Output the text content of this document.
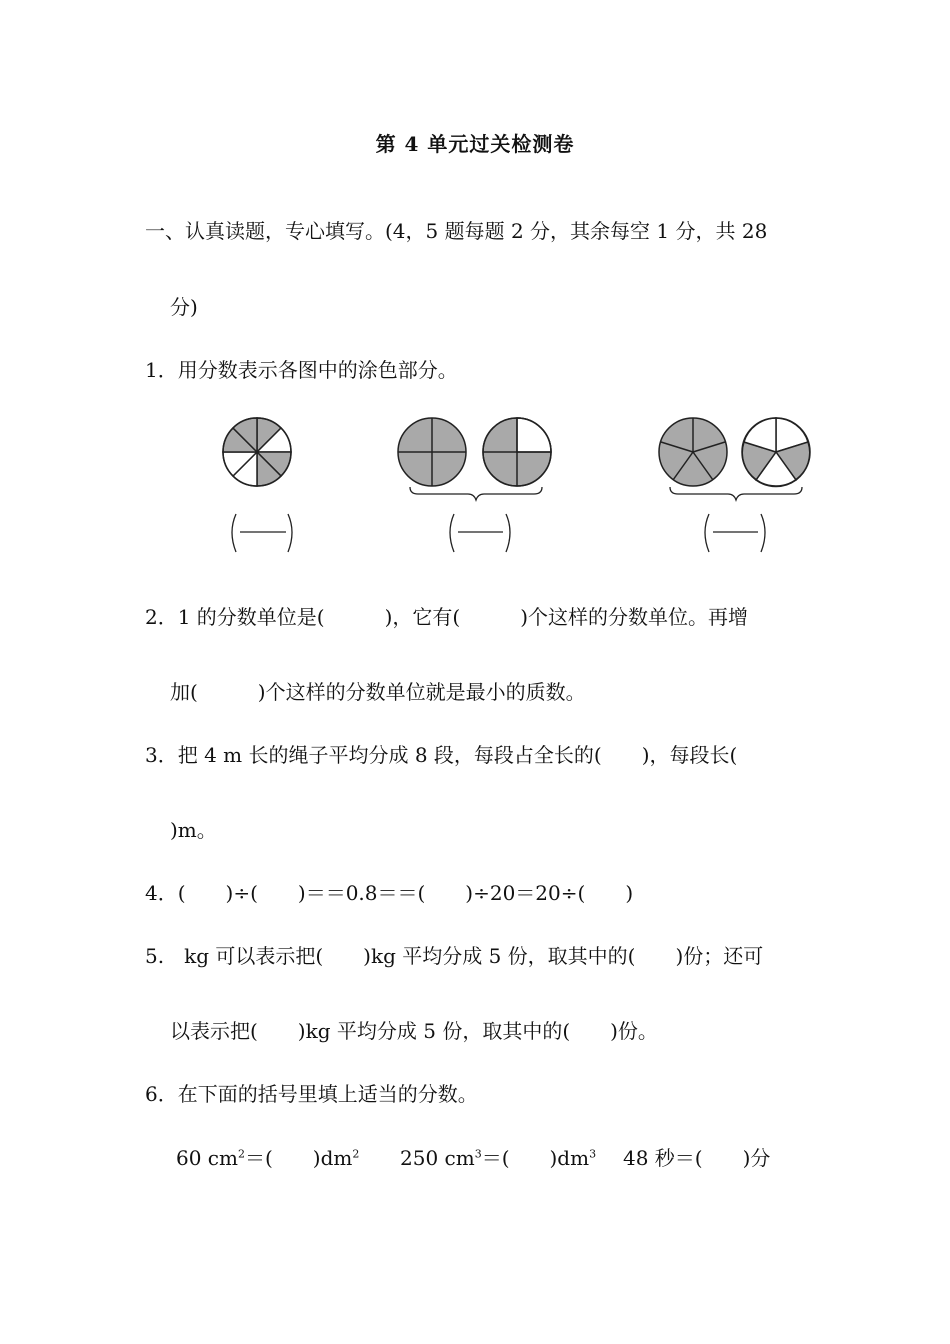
第 4 单元过关检测卷
一、认真读题，专心填写。(4，5 题每题 2 分，其余每空 1 分，共 28
分)
1．用分数表示各图中的涂色部分。
2．1 的分数单位是(　　　)，它有(　　　)个这样的分数单位。再增
加(　　　)个这样的分数单位就是最小的质数。
3．把 4 m 长的绳子平均分成 8 段，每段占全长的(　　)，每段长(
)m。
4．(　　)÷(　　)＝＝0.8＝＝(　　)÷20＝20÷(　　)
5.　kg 可以表示把(　　)kg 平均分成 5 份，取其中的(　　)份；还可
以表示把(　　)kg 平均分成 5 份，取其中的(　　)份。
6．在下面的括号里填上适当的分数。
60 $cm^2=$(　　)$dm^2$ 250 $cm^3=$(　　)$dm^3$ 48 秒＝(　　)分
